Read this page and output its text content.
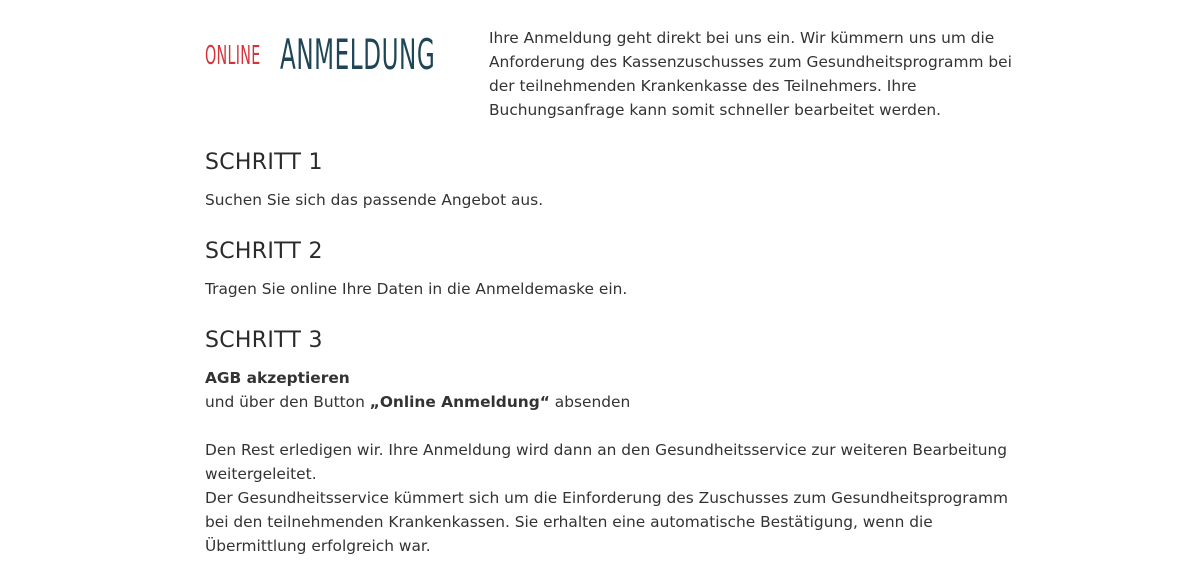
ONLINE ANMELDUNG	Ihre Anmeldung geht direkt bei uns ein. Wir kümmern uns um die Anforderung des Kassenzuschusses zum Gesundheitsprogramm bei der teilnehmenden Krankenkasse des Teilnehmers. Ihre Buchungsanfrage kann somit schneller bearbeitet werden.

SCHRITT 1

Suchen Sie sich das passende Angebot aus.

SCHRITT 2

Tragen Sie online Ihre Daten in die Anmeldemaske ein.

SCHRITT 3

AGB akzeptieren

und über den Button „Online Anmeldung“ absenden

Den Rest erledigen wir. Ihre Anmeldung wird dann an den Gesundheitsservice zur weiteren Bearbeitung weitergeleitet.
Der Gesundheitsservice kümmert sich um die Einforderung des Zuschusses zum Gesundheitsprogramm bei den teilnehmenden Krankenkassen. Sie erhalten eine automatische Bestätigung, wenn die Übermittlung erfolgreich war.
